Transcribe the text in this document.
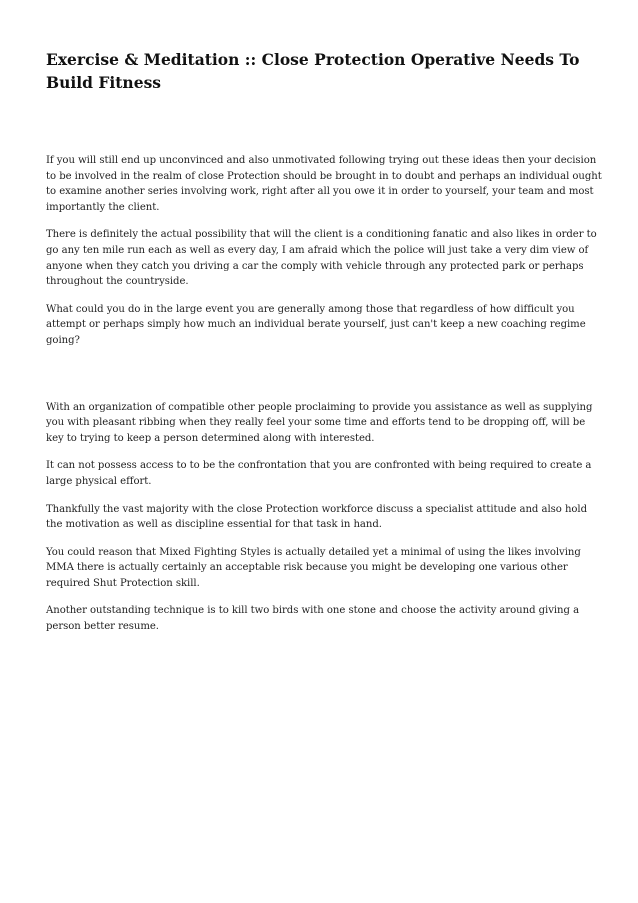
Exercise & Meditation :: Close Protection Operative Needs To Build Fitness

If you will still end up unconvinced and also unmotivated following trying out these ideas then your decision to be involved in the realm of close Protection should be brought in to doubt and perhaps an individual ought to examine another series involving work, right after all you owe it in order to yourself, your team and most importantly the client.

There is definitely the actual possibility that will the client is a conditioning fanatic and also likes in order to go any ten mile run each as well as every day, I am afraid which the police will just take a very dim view of anyone when they catch you driving a car the comply with vehicle through any protected park or perhaps throughout the countryside.

What could you do in the large event you are generally among those that regardless of how difficult you attempt or perhaps simply how much an individual berate yourself, just can't keep a new coaching regime going?

With an organization of compatible other people proclaiming to provide you assistance as well as supplying you with pleasant ribbing when they really feel your some time and efforts tend to be dropping off, will be key to trying to keep a person determined along with interested.

It can not possess access to to be the confrontation that you are confronted with being required to create a large physical effort.

Thankfully the vast majority with the close Protection workforce discuss a specialist attitude and also hold the motivation as well as discipline essential for that task in hand.

You could reason that Mixed Fighting Styles is actually detailed yet a minimal of using the likes involving MMA there is actually certainly an acceptable risk because you might be developing one various other required Shut Protection skill.

Another outstanding technique is to kill two birds with one stone and choose the activity around giving a person better resume.
